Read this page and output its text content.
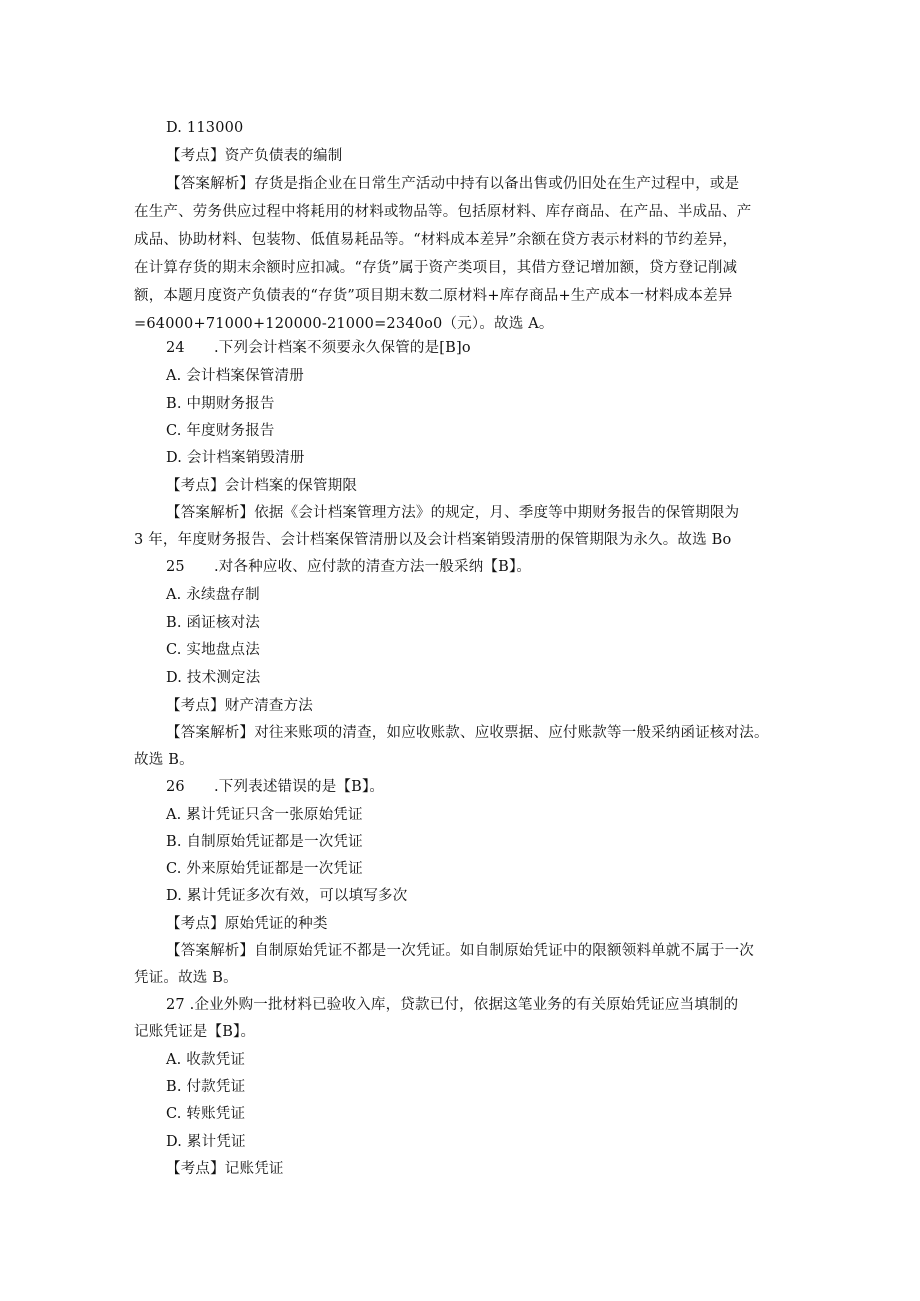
D. 113000
【考点】资产负债表的编制
【答案解析】存货是指企业在日常生产活动中持有以备出售或仍旧处在生产过程中，或是
在生产、劳务供应过程中将耗用的材料或物品等。包括原材料、库存商品、在产品、半成品、产
成品、协助材料、包装物、低值易耗品等。“材料成本差异”余额在贷方表示材料的节约差异，
在计算存货的期末余额时应扣减。“存货”属于资产类项目，其借方登记增加额，贷方登记削减
额，本题月度资产负债表的“存货”项目期末数二原材料+库存商品+生产成本一材料成本差异
=64000+71000+120000-21000=2340o0（元）。故选 A。
24 .下列会计档案不须要永久保管的是[B]o
A. 会计档案保管清册
B. 中期财务报告
C. 年度财务报告
D. 会计档案销毁清册
【考点】会计档案的保管期限
【答案解析】依据《会计档案管理方法》的规定，月、季度等中期财务报告的保管期限为
3 年，年度财务报告、会计档案保管清册以及会计档案销毁清册的保管期限为永久。故选 Bo
25 .对各种应收、应付款的清查方法一般采纳【B】。
A. 永续盘存制
B. 函证核对法
C. 实地盘点法
D. 技术测定法
【考点】财产清查方法
【答案解析】对往来账项的清查，如应收账款、应收票据、应付账款等一般采纳函证核对法。
故选 B。
26 .下列表述错误的是【B】。
A. 累计凭证只含一张原始凭证
B. 自制原始凭证都是一次凭证
C. 外来原始凭证都是一次凭证
D. 累计凭证多次有效，可以填写多次
【考点】原始凭证的种类
【答案解析】自制原始凭证不都是一次凭证。如自制原始凭证中的限额领料单就不属于一次
凭证。故选 B。
27 .企业外购一批材料已验收入库，贷款已付，依据这笔业务的有关原始凭证应当填制的
记账凭证是【B】。
A. 收款凭证
B. 付款凭证
C. 转账凭证
D. 累计凭证
【考点】记账凭证
